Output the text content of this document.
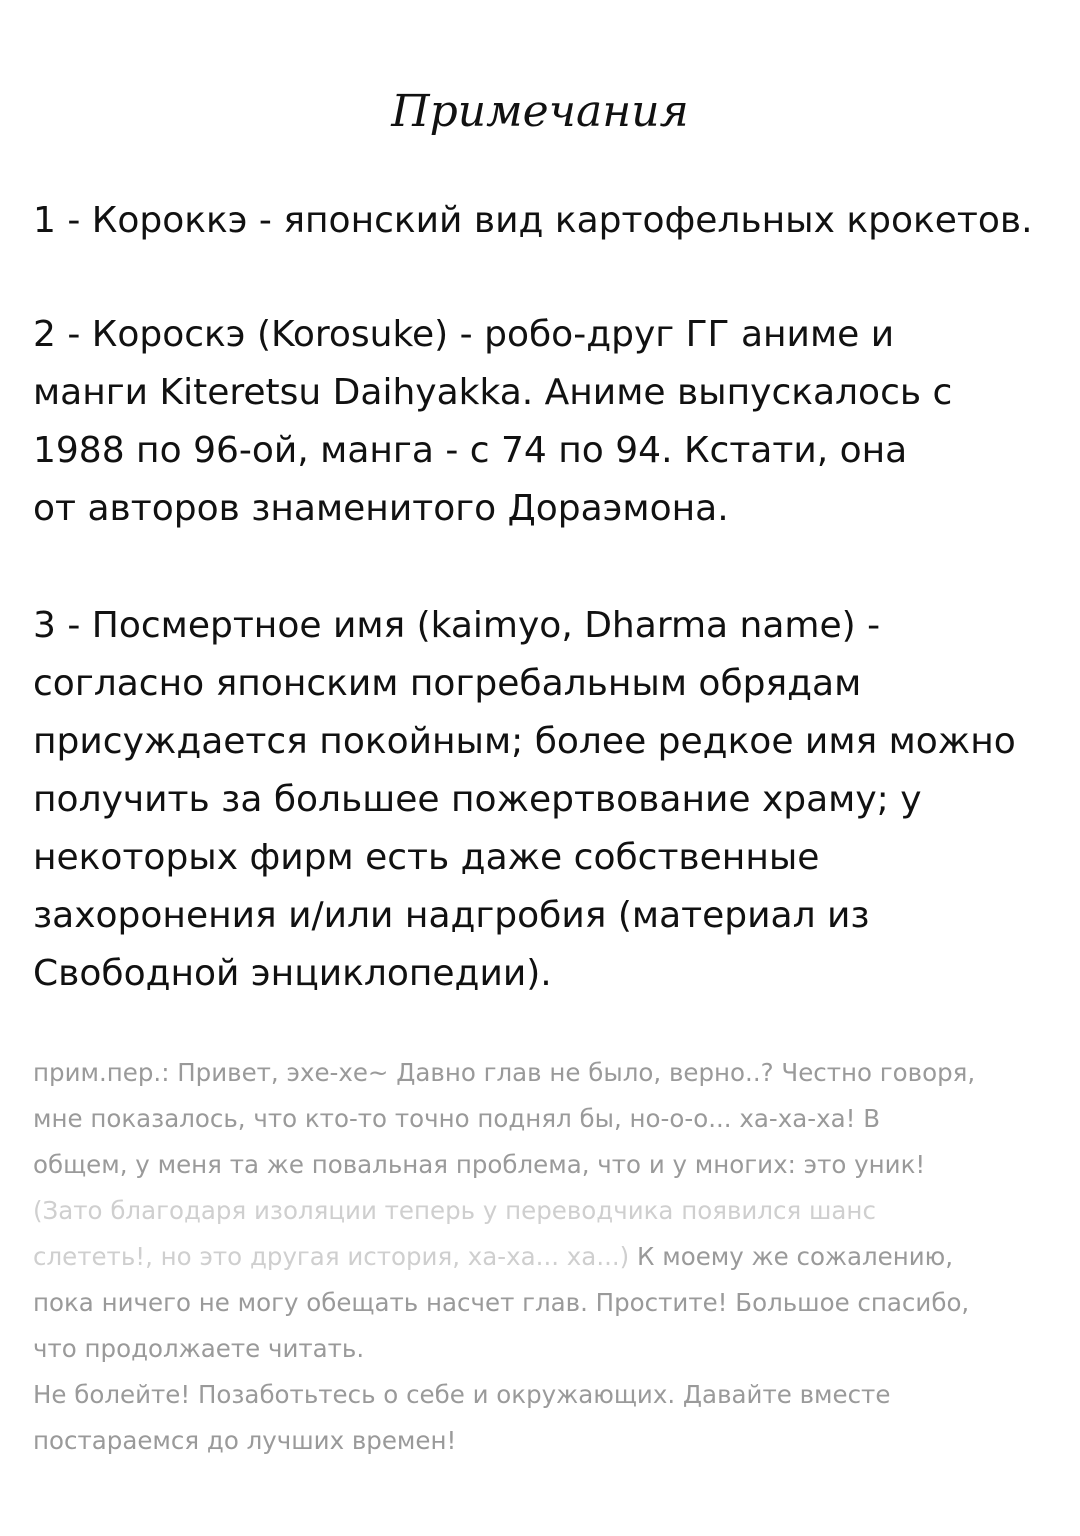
Примечания
1 - Короккэ - японский вид картофельных крокетов.
2 - Короскэ (Korosuke) - робо-друг ГГ аниме и
манги Kiteretsu Daihyakka. Аниме выпускалось с
1988 по 96-ой, манга - с 74 по 94. Кстати, она
от авторов знаменитого Дораэмона.
3 - Посмертное имя (kaimyo, Dharma name) -
согласно японским погребальным обрядам
присуждается покойным; более редкое имя можно
получить за большее пожертвование храму; у
некоторых фирм есть даже собственные
захоронения и/или надгробия (материал из
Свободной энциклопедии).
прим.пер.: Привет, эхе-хе~ Давно глав не было, верно..? Честно говоря,
мне показалось, что кто-то точно поднял бы, но-о-о... ха-ха-ха! В
общем, у меня та же повальная проблема, что и у многих: это уник!
(Зато благодаря изоляции теперь у переводчика появился шанс
слететь!, но это другая история, ха-ха... ха...) К моему же сожалению,
пока ничего не могу обещать насчет глав. Простите! Большое спасибо,
что продолжаете читать.
Не болейте! Позаботьтесь о себе и окружающих. Давайте вместе
постараемся до лучших времен!
